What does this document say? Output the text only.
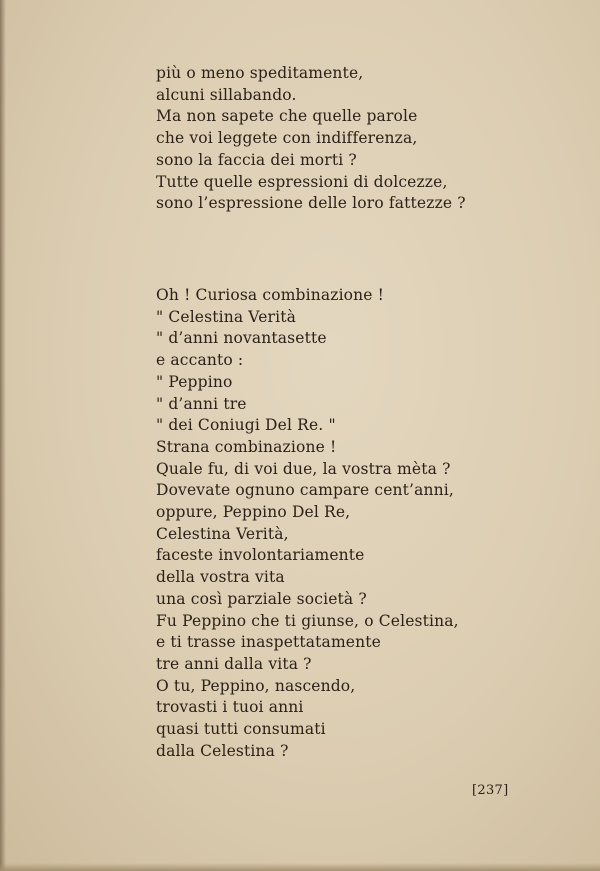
più o meno speditamente,
alcuni sillabando.
Ma non sapete che quelle parole
che voi leggete con indifferenza,
sono la faccia dei morti ?
Tutte quelle espressioni di dolcezze,
sono l’espressione delle loro fattezze ?
Oh ! Curiosa combinazione !
" Celestina Verità
" d’anni novantasette
e accanto :
" Peppino
" d’anni tre
" dei Coniugi Del Re. "
Strana combinazione !
Quale fu, di voi due, la vostra mèta ?
Dovevate ognuno campare cent’anni,
oppure, Peppino Del Re,
Celestina Verità,
faceste involontariamente
della vostra vita
una così parziale società ?
Fu Peppino che ti giunse, o Celestina,
e ti trasse inaspettatamente
tre anni dalla vita ?
O tu, Peppino, nascendo,
trovasti i tuoi anni
quasi tutti consumati
dalla Celestina ?
[237]
